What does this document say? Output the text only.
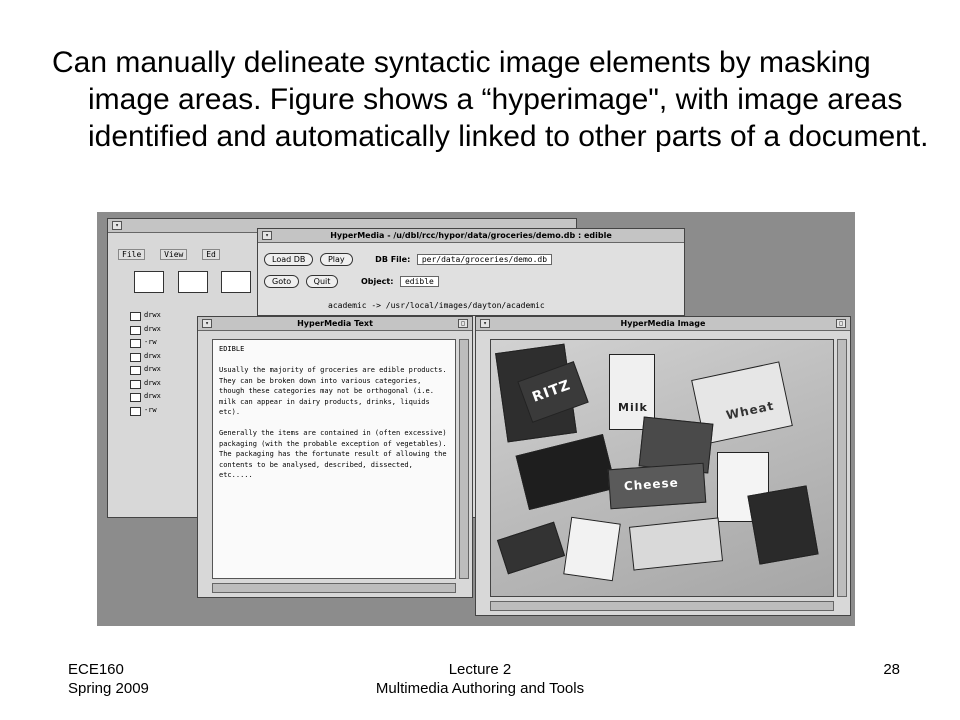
Can manually delineate syntactic image elements by masking image areas. Figure shows a “hyperimage", with image areas identified and automatically linked to other parts of a document.
▾
File	View	Ed

drwx
drwx
-rw
drwx
drwx
drwx
drwx
-rw
HyperMedia - /u/dbl/rcc/hypor/data/groceries/demo.db : edible
▾
Load DB	Play	DB File: per/data/groceries/demo.db
Goto	Quit	Object: edible
academic -> /usr/local/images/dayton/academic
HyperMedia Text
▾	□
EDIBLE

Usually the majority of groceries are edible products. They can be broken down into various categories, though these categories may not be orthogonal (i.e. milk can appear in dairy products, drinks, liquids etc).

Generally the items are contained in (often excessive) packaging (with the probable exception of vegetables). The packaging has the fortunate result of allowing the contents to be analysed, described, dissected, etc.....
HyperMedia Image
▾	□
RITZ
Milk	Wheat
Cheese
ECE160
Spring 2009
Lecture 2
Multimedia Authoring and Tools
28
